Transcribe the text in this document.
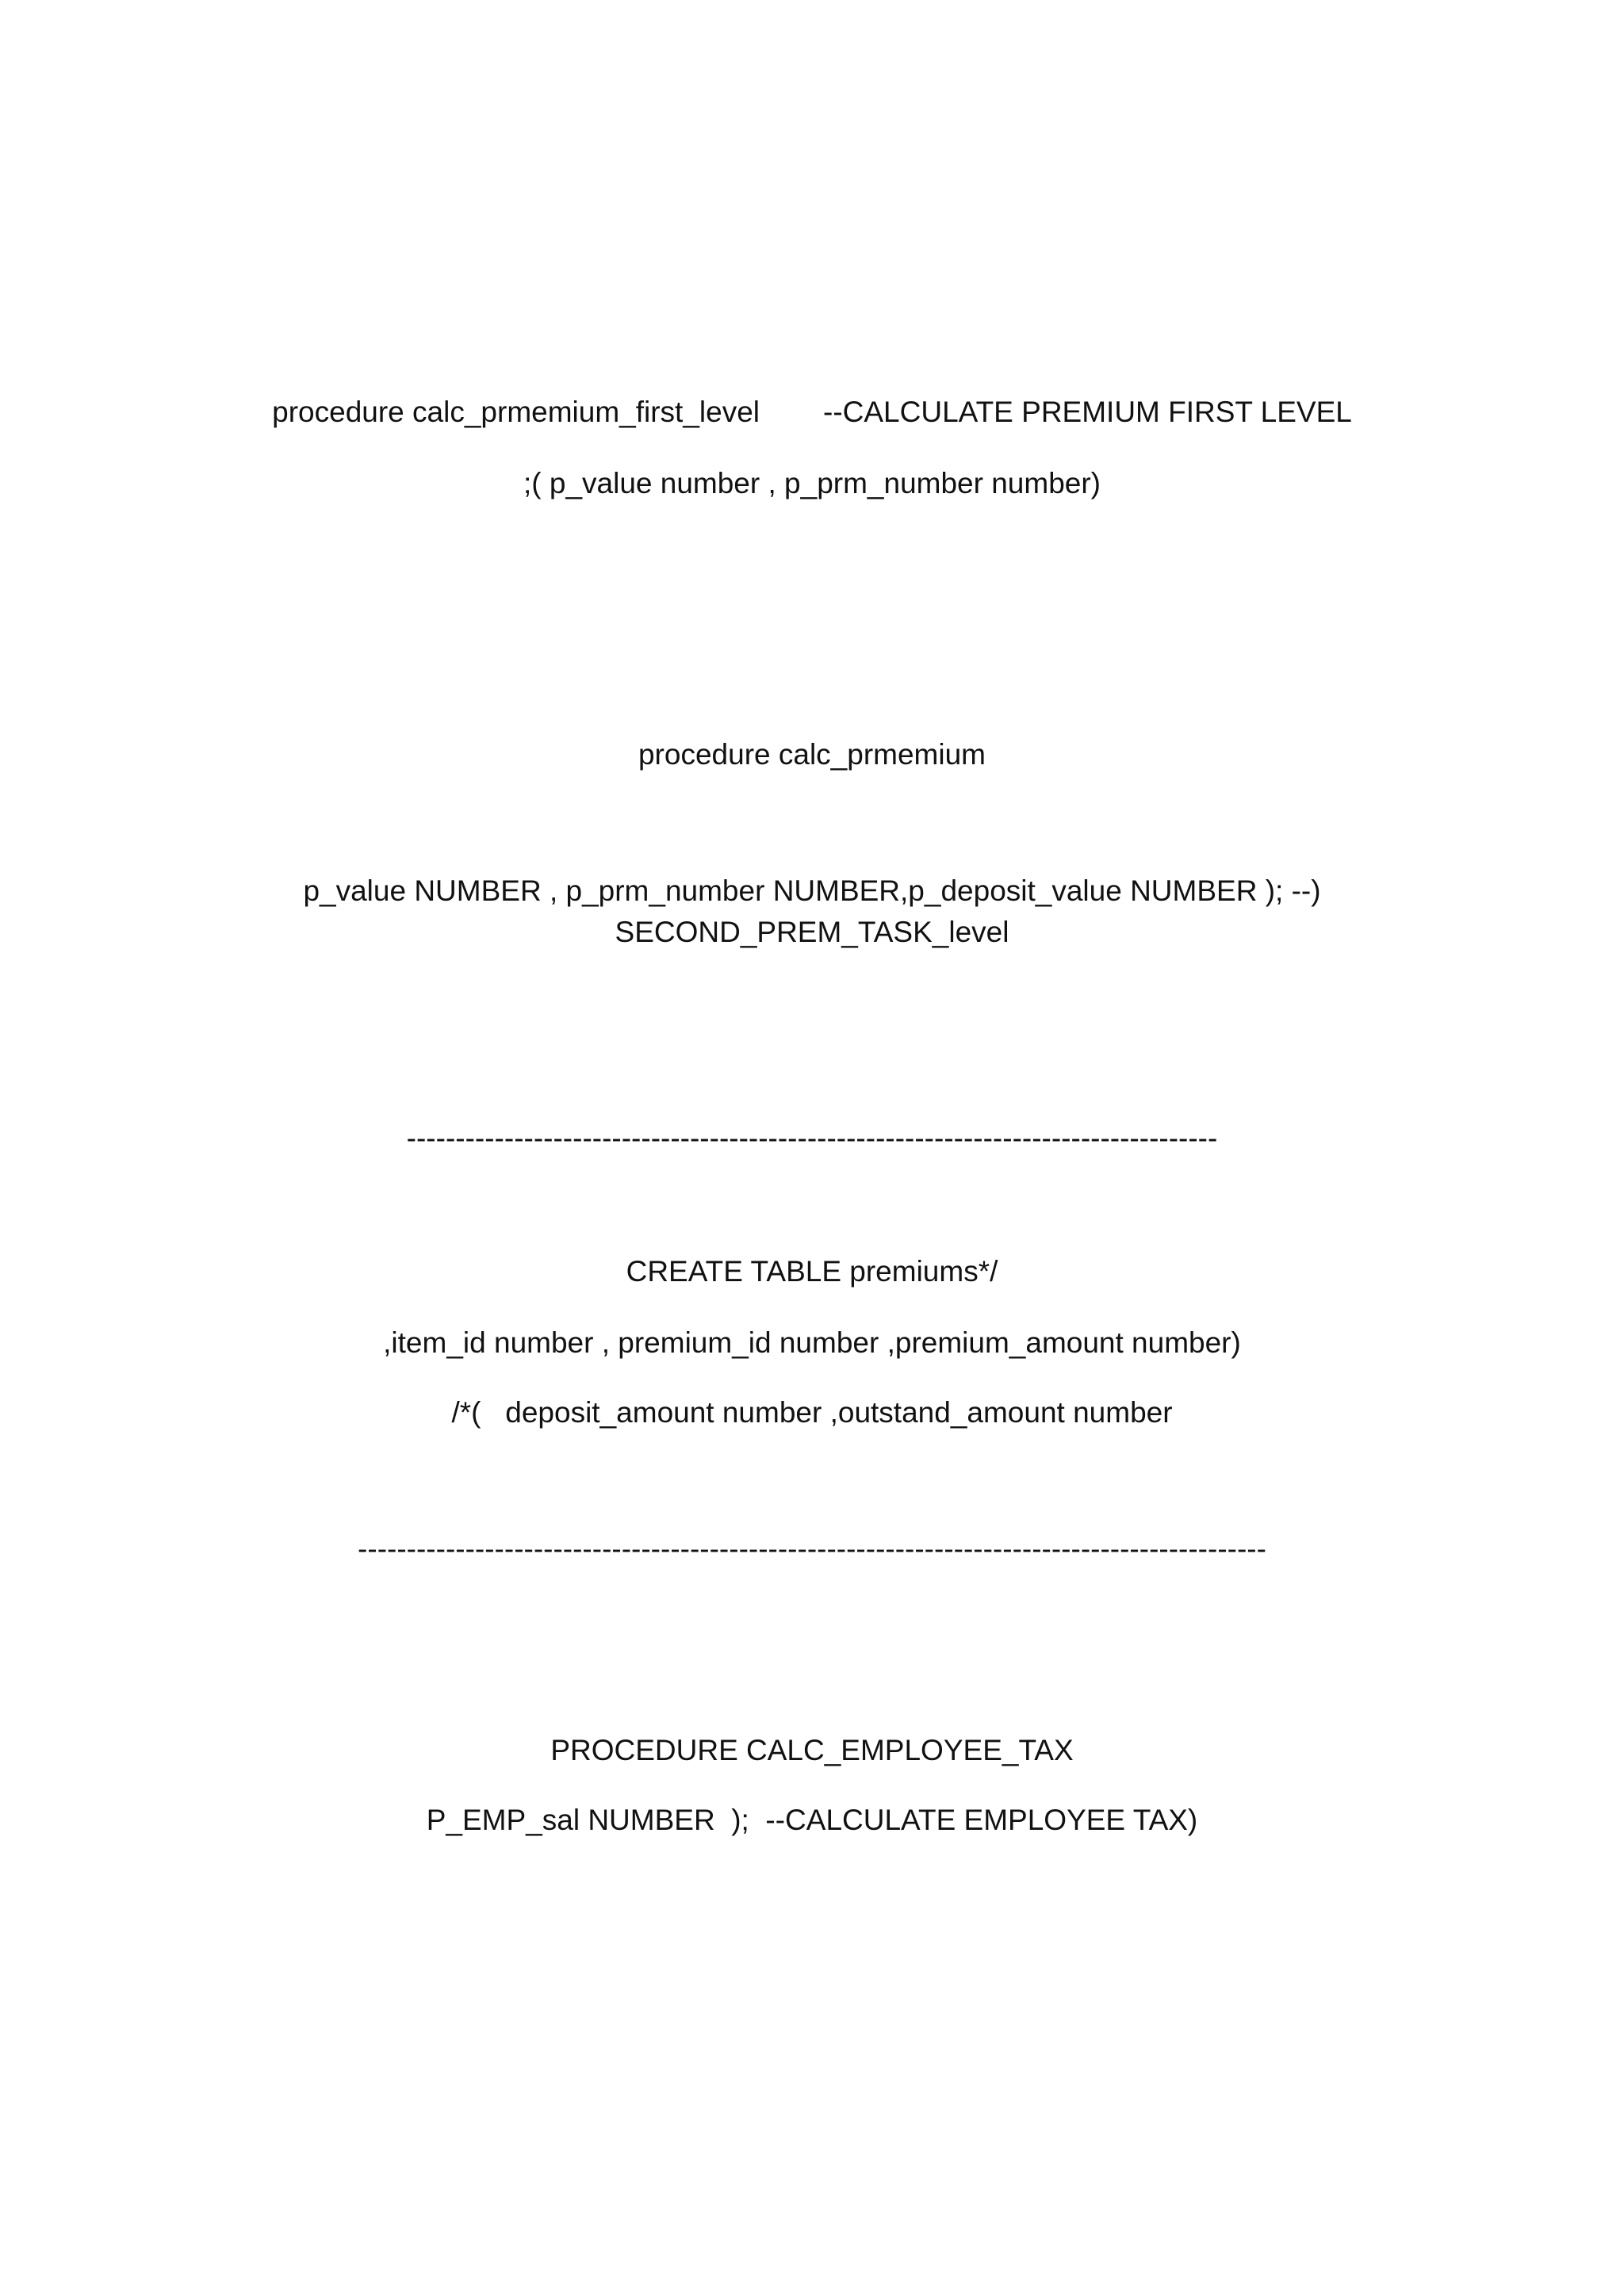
procedure calc_prmemium_first_level --CALCULATE PREMIUM FIRST LEVEL
;( p_value number , p_prm_number number)
procedure calc_prmemium
p_value NUMBER , p_prm_number NUMBER,p_deposit_value NUMBER ); --)
SECOND_PREM_TASK_level
-----------------------------------------------------------------------------------
CREATE TABLE premiums*/
,item_id number , premium_id number ,premium_amount number)
/*(   deposit_amount number ,outstand_amount number
---------------------------------------------------------------------------------------------
PROCEDURE CALC_EMPLOYEE_TAX
P_EMP_sal NUMBER  );  --CALCULATE EMPLOYEE TAX)
